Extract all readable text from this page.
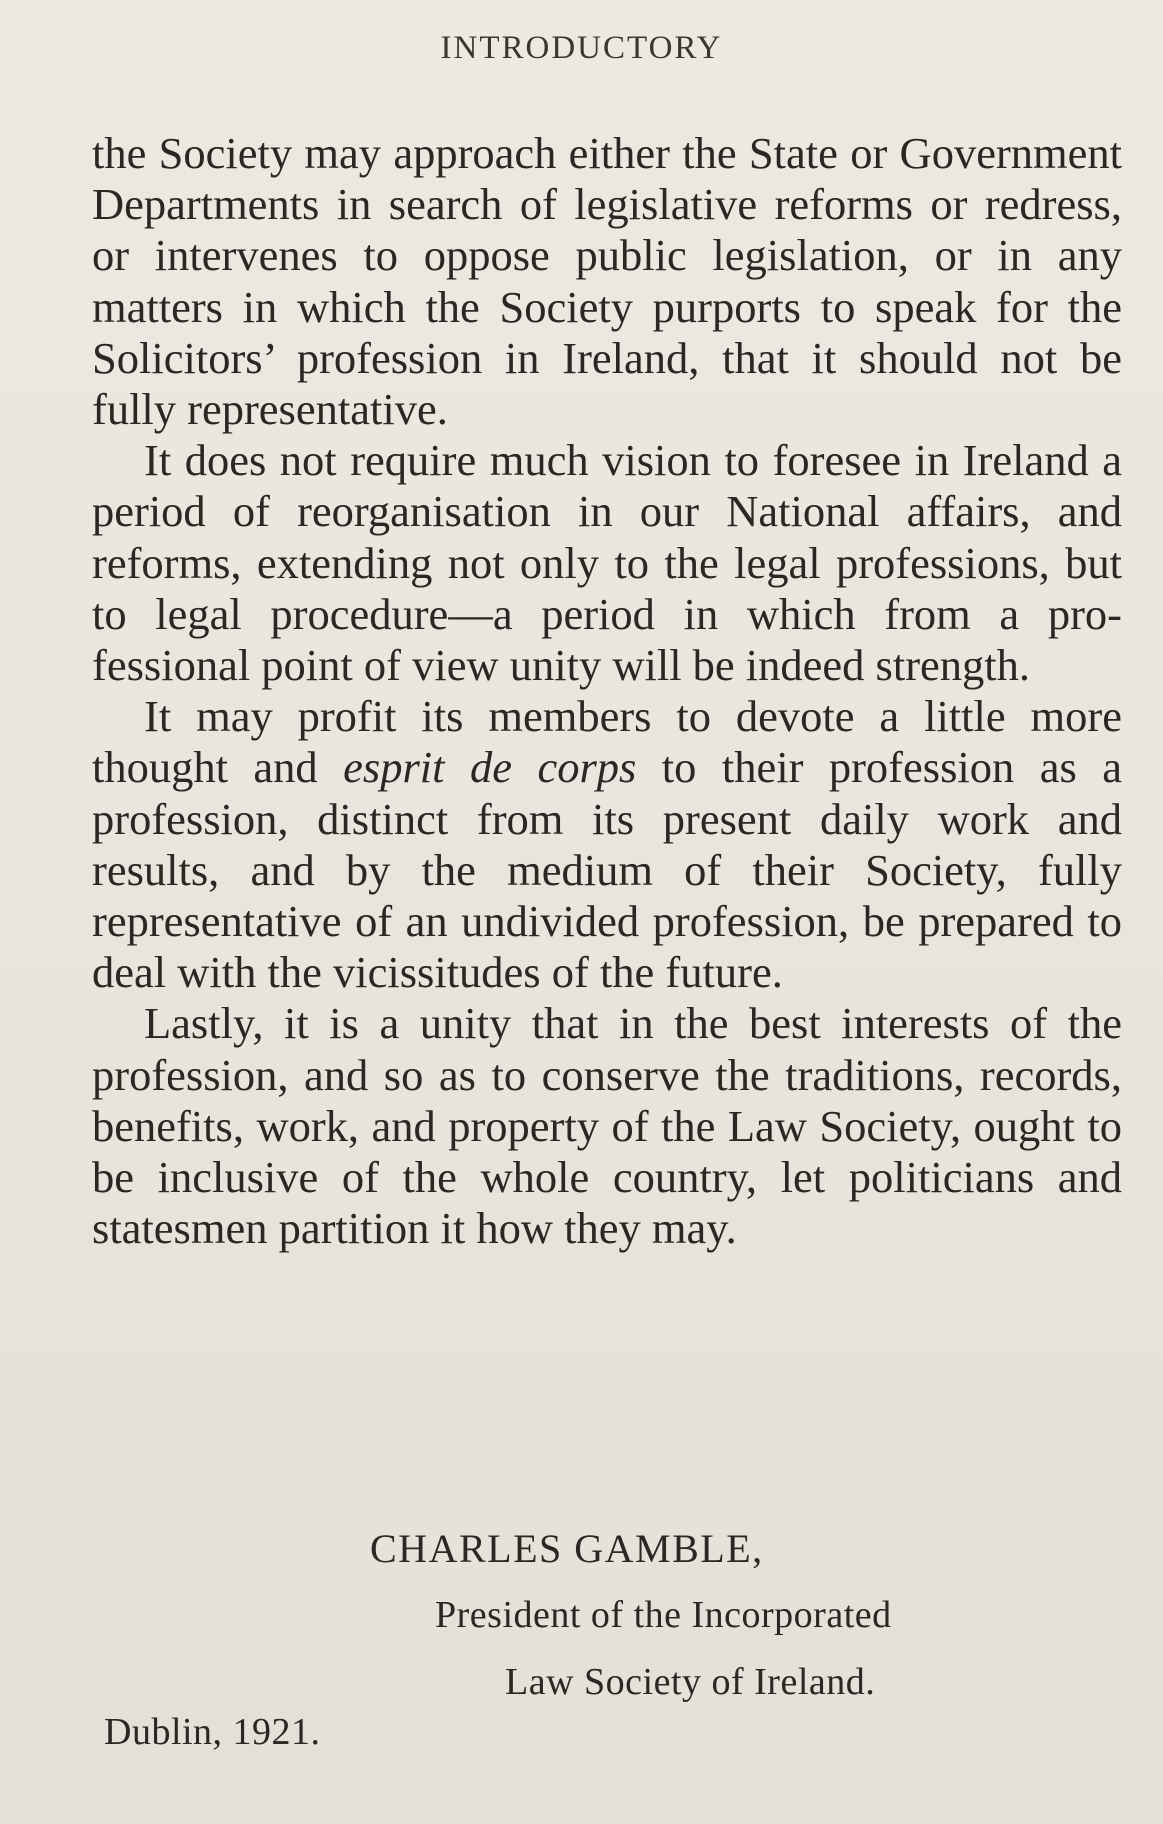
INTRODUCTORY

the Society may approach either the State or Government Departments in search of legislative reforms or redress, or intervenes to oppose public legislation, or in any matters in which the Society purports to speak for the Solicitors’ profession in Ireland, that it should not be fully representative.

It does not require much vision to foresee in Ireland a period of reorganisation in our National affairs, and reforms, extending not only to the legal professions, but to legal procedure—a period in which from a professional point of view unity will be indeed strength.

It may profit its members to devote a little more thought and esprit de corps to their profession as a profession, distinct from its present daily work and results, and by the medium of their Society, fully representative of an undivided profession, be prepared to deal with the vicissitudes of the future.

Lastly, it is a unity that in the best interests of the profession, and so as to conserve the traditions, records, benefits, work, and property of the Law Society, ought to be inclusive of the whole country, let politicians and statesmen partition it how they may.

CHARLES GAMBLE,
President of the Incorporated
Law Society of Ireland.
Dublin, 1921.
